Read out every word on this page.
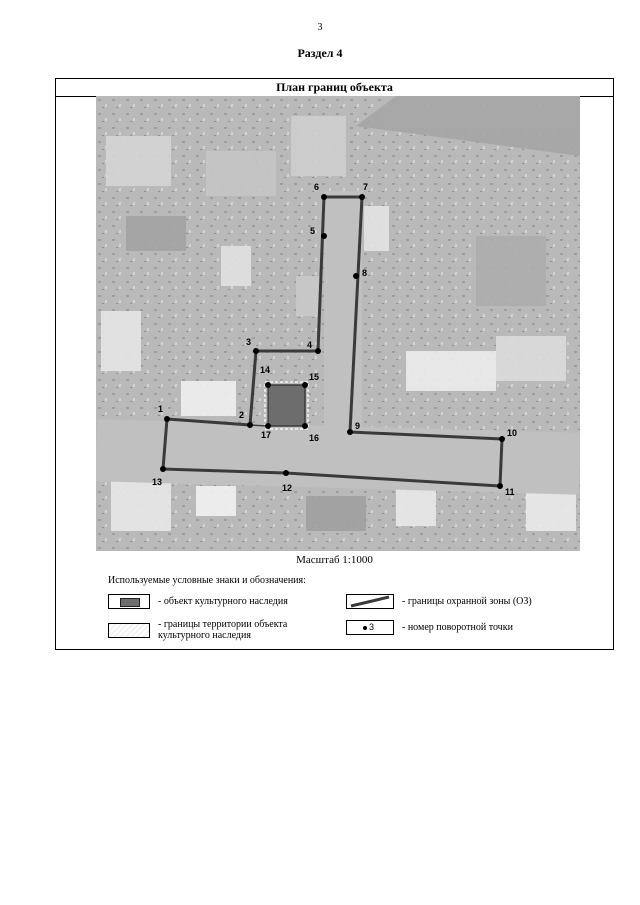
3
Раздел 4
План границ объекта
1
2
3	4
5
6	7
8
9
10
11
12
13
14
15
16
17
Масштаб 1:1000
Используемые условные знаки и обозначения:
- объект культурного наследия
- границы территории объекта культурного наследия
- границы охранной зоны (ОЗ)
3	- номер поворотной точки
